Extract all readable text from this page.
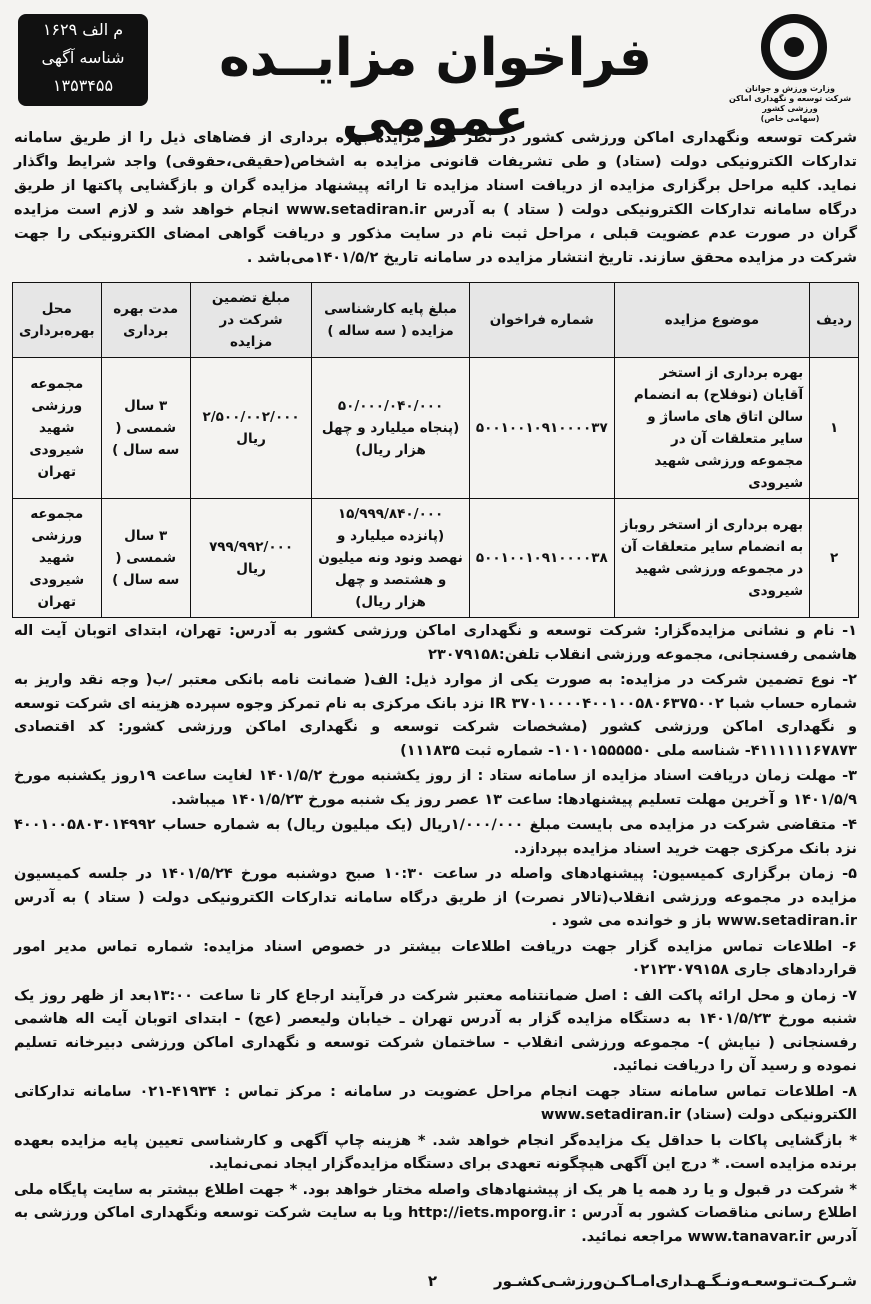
وزارت ورزش و جوانان
شرکت توسعه و نگهداری اماکن ورزشی کشور
(سهامی خاص)
فراخوان مزایــده عمومی
م الف ۱۶۲۹
شناسه آگهی
۱۳۵۳۴۵۵
شرکت توسعه ونگهداری اماکن ورزشی کشور در نظر دارد مزایده بهره برداری از فضاهای ذیل را از طریق سامانه تدارکات الکترونیکی دولت (ستاد) و طی تشریفات قانونی مزایده به اشخاص(حقیقی،حقوقی) واجد شرایط واگذار نماید. کلیه مراحل برگزاری مزایده از دریافت اسناد مزایده تا ارائه پیشنهاد مزایده گران و بازگشایی پاکتها از طریق درگاه سامانه تدارکات الکترونیکی دولت ( ستاد ) به آدرس www.setadiran.ir انجام خواهد شد و لازم است مزایده گران در صورت عدم عضویت قبلی ، مراحل ثبت نام در سایت مذکور و دریافت گواهی امضای الکترونیکی را جهت شرکت در مزایده محقق سازند. تاریخ انتشار مزایده در سامانه تاریخ ۱۴۰۱/۵/۲می‌باشد .
ردیف	موضوع مزایده	شماره فراخوان	مبلغ پایه کارشناسی مزایده ( سه ساله )	مبلغ تضمین شرکت در مزایده	مدت بهره برداری	محل بهره‌برداری
۱	بهره برداری از استخر آقایان (نوفلاح) به انضمام سالن اتاق های ماساژ و سایر متعلقات آن در مجموعه ورزشی شهید شیرودی	۵۰۰۱۰۰۱۰۹۱۰۰۰۰۳۷	۵۰/۰۰۰/۰۴۰/۰۰۰ (پنجاه میلیارد و چهل هزار ریال)	۲/۵۰۰/۰۰۲/۰۰۰ ریال	۳ سال شمسی ( سه سال )	مجموعه ورزشی شهید شیرودی تهران
۲	بهره برداری از استخر روباز به انضمام سایر متعلقات آن در مجموعه ورزشی شهید شیرودی	۵۰۰۱۰۰۱۰۹۱۰۰۰۰۳۸	۱۵/۹۹۹/۸۴۰/۰۰۰ (پانزده میلیارد و نهصد ونود ونه میلیون و هشتصد و چهل هزار ریال)	۷۹۹/۹۹۲/۰۰۰ ریال	۳ سال شمسی ( سه سال )	مجموعه ورزشی شهید شیرودی تهران

۱- نام و نشانی مزایده‌گزار: شرکت توسعه و نگهداری اماکن ورزشی کشور به آدرس: تهران، ابتدای اتوبان آیت اله هاشمی رفسنجانی، مجموعه ورزشی انقلاب تلفن:۲۳۰۷۹۱۵۸

۲- نوع تضمین شرکت در مزایده: به صورت یکی از موارد ذیل: الف( ضمانت نامه بانکی معتبر /ب( وجه نقد واریز به شماره حساب شبا IR ۳۷۰۱۰۰۰۰۴۰۰۱۰۰۵۸۰۶۳۷۵۰۰۲ نزد بانک مرکزی به نام تمرکز وجوه سپرده هزینه ای شرکت توسعه و نگهداری اماکن ورزشی کشور (مشخصات شرکت توسعه و نگهداری اماکن ورزشی کشور: کد اقتصادی ۴۱۱۱۱۱۱۶۷۸۷۳- شناسه ملی ۱۰۱۰۱۵۵۵۵۵۰- شماره ثبت ۱۱۱۸۳۵)

۳- مهلت زمان دریافت اسناد مزایده از سامانه ستاد : از روز یکشنبه مورخ ۱۴۰۱/۵/۲ لغایت ساعت ۱۹روز یکشنبه مورخ ۱۴۰۱/۵/۹ و آخرین مهلت تسلیم پیشنهادها: ساعت ۱۳ عصر روز یک شنبه مورخ ۱۴۰۱/۵/۲۳ میباشد.

۴- متقاضی شرکت در مزایده می بایست مبلغ ۱/۰۰۰/۰۰۰ریال (یک میلیون ریال) به شماره حساب ۴۰۰۱۰۰۵۸۰۳۰۱۴۹۹۲ نزد بانک مرکزی جهت خرید اسناد مزایده بپردازد.

۵- زمان برگزاری کمیسیون: پیشنهادهای واصله در ساعت ۱۰:۳۰ صبح دوشنبه مورخ ۱۴۰۱/۵/۲۴ در جلسه کمیسیون مزایده در مجموعه ورزشی انقلاب(تالار نصرت) از طریق درگاه سامانه تدارکات الکترونیکی دولت ( ستاد ) به آدرس www.setadiran.ir باز و خوانده می شود .

۶- اطلاعات تماس مزایده گزار جهت دریافت اطلاعات بیشتر در خصوص اسناد مزایده: شماره تماس مدیر امور قراردادهای جاری ۰۲۱۲۳۰۷۹۱۵۸

۷- زمان و محل ارائه پاکت الف : اصل ضمانتنامه معتبر شرکت در فرآیند ارجاع کار تا ساعت ۱۳:۰۰بعد از ظهر روز یک شنبه مورخ ۱۴۰۱/۵/۲۳ به دستگاه مزایده گزار به آدرس تهران ـ خیابان ولیعصر (عج) - ابتدای اتوبان آیت اله هاشمی رفسنجانی ( نیایش )- مجموعه ورزشی انقلاب - ساختمان شرکت توسعه و نگهداری اماکن ورزشی دبیرخانه تسلیم نموده و رسید آن را دریافت نمائید.

۸- اطلاعات تماس سامانه ستاد جهت انجام مراحل عضویت در سامانه : مرکز تماس : ۴۱۹۳۴-۰۲۱ سامانه تدارکاتی الکترونیکی دولت (ستاد) www.setadiran.ir

* بازگشایی پاکات با حداقل یک مزایده‌گر انجام خواهد شد. * هزینه چاپ آگهی و کارشناسی تعیین پایه مزایده بعهده برنده مزایده است. * درج این آگهی هیچگونه تعهدی برای دستگاه مزایده‌گزار ایجاد نمی‌نماید.

* شرکت در قبول و یا رد همه یا هر یک از پیشنهادهای واصله مختار خواهد بود. * جهت اطلاع بیشتر به سایت پایگاه ملی اطلاع رسانی مناقصات کشور به آدرس : http://iets.mporg.ir ویا به سایت شرکت توسعه ونگهداری اماکن ورزشی به آدرس www.tanavar.ir مراجعه نمائید.

شـرکـت‌تـوسعـه‌و‌نـگـهـداری‌امـاکـن‌ورزشـی‌کشـور
۲
